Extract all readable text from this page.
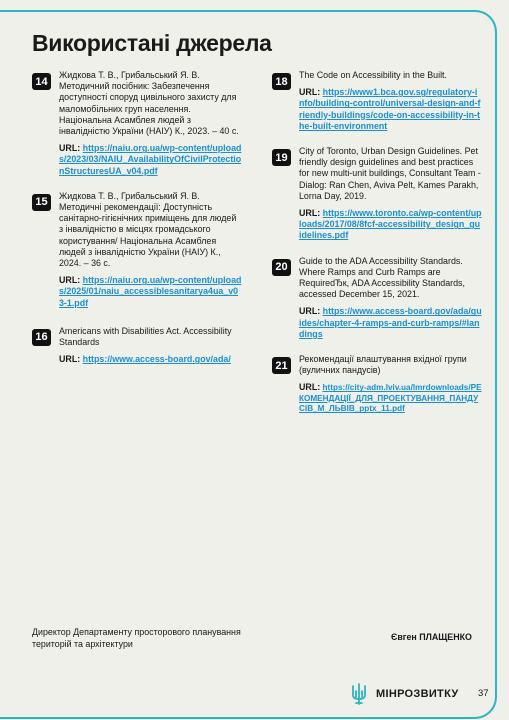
Використані джерела
14

Жидкова Т. В., Грибальський Я. В. Методичний посібник: Забезпечення доступності споруд цивільного захисту для маломобільних груп населення. Національна Асамблея людей з інвалідністю України (НАІУ) К., 2023. – 40 с.

URL: https://naiu.org.ua/wp-content/uploads/2023/03/NAIU_AvailabilityOfCivilProtectionStructuresUA_v04.pdf

15

Жидкова Т. В., Грибальський Я. В. Методичні рекомендації: Доступність санітарно-гігієнічних приміщень для людей з інвалідністю в місцях громадського користування/ Національна Асамблея людей з інвалідністю України (НАІУ) К., 2024. – 36 с.

URL: https://naiu.org.ua/wp-content/uploads/2025/01/naiu_accessiblesanitarya4ua_v03-1.pdf

16

Americans with Disabilities Act. Accessibility Standards

URL: https://www.access-board.gov/ada/

18

The Code on Accessibility in the Built.

URL: https://www1.bca.gov.sg/regulatory-info/building-control/universal-design-and-friendly-buildings/code-on-accessibility-in-the-built-environment

19

City of Toronto, Urban Design Guidelines. Pet friendly design guidelines and best practices for new multi-unit buildings, Consultant Team - Dialog: Ran Chen, Aviva Pelt, Kames Parakh, Lorna Day, 2019.

URL: https://www.toronto.ca/wp-content/uploads/2017/08/8fcf-accessibility_design_guidelines.pdf

20

Guide to the ADA Accessibility Standards. Where Ramps and Curb Ramps are RequiredЂк, ADA Accessibility Standards, accessed December 15, 2021.

URL: https://www.access-board.gov/ada/guides/chapter-4-ramps-and-curb-ramps/#landings

21

Рекомендації влаштування вхідної групи (вуличних пандусів)

URL: https://city-adm.lviv.ua/lmrdownloads/РЕКОМЕНДАЦІЇ_ДЛЯ_ПРОЕКТУВАННЯ_ПАНДУСІВ_М_ЛЬВІВ_pptx_11.pdf

Директор Департаменту просторового планування територій та архітектури
Євген ПЛАЩЕНКО
МІНРОЗВИТКУ 37
